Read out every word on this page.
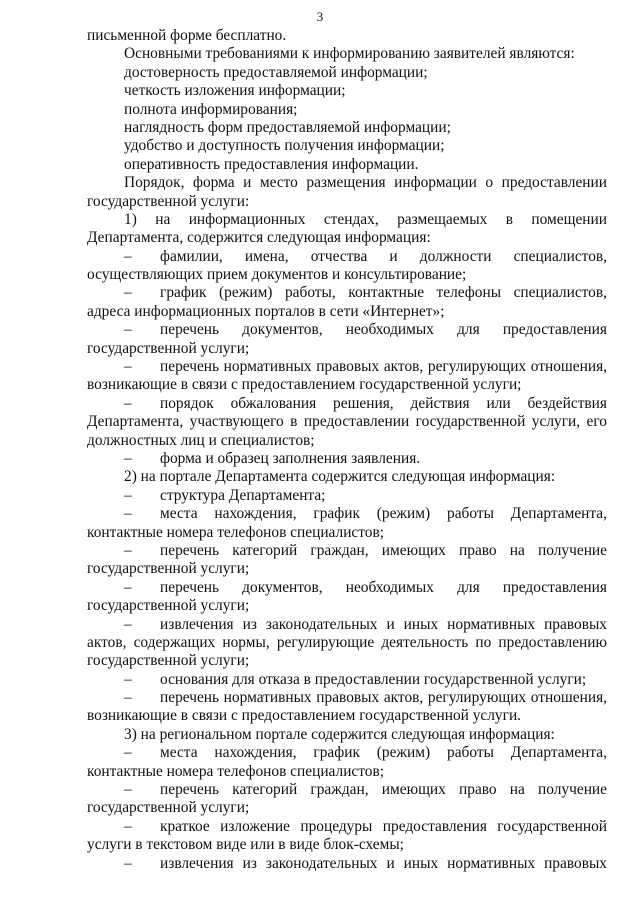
3
письменной форме бесплатно.
Основными требованиями к информированию заявителей являются:
достоверность предоставляемой информации;
четкость изложения информации;
полнота информирования;
наглядность форм предоставляемой информации;
удобство и доступность получения информации;
оперативность предоставления информации.
Порядок, форма и место размещения информации о предоставлении
государственной услуги:
1) на информационных стендах, размещаемых в помещении
Департамента, содержится следующая информация:
–	фамилии, имена, отчества и должности специалистов,
осуществляющих прием документов и консультирование;
–	график (режим) работы, контактные телефоны специалистов,
адреса информационных порталов в сети «Интернет»;
–	перечень документов, необходимых для предоставления
государственной услуги;
–	перечень нормативных правовых актов, регулирующих отношения,
возникающие в связи с предоставлением государственной услуги;
–	порядок обжалования решения, действия или бездействия
Департамента, участвующего в предоставлении государственной услуги, его
должностных лиц и специалистов;
–	форма и образец заполнения заявления.
2) на портале Департамента содержится следующая информация:
–	структура Департамента;
–	места нахождения, график (режим) работы Департамента,
контактные номера телефонов специалистов;
–	перечень категорий граждан, имеющих право на получение
государственной услуги;
–	перечень документов, необходимых для предоставления
государственной услуги;
–	извлечения из законодательных и иных нормативных правовых
актов, содержащих нормы, регулирующие деятельность по предоставлению
государственной услуги;
–	основания для отказа в предоставлении государственной услуги;
–	перечень нормативных правовых актов, регулирующих отношения,
возникающие в связи с предоставлением государственной услуги.
3) на региональном портале содержится следующая информация:
–	места нахождения, график (режим) работы Департамента,
контактные номера телефонов специалистов;
–	перечень категорий граждан, имеющих право на получение
государственной услуги;
–	краткое изложение процедуры предоставления государственной
услуги в текстовом виде или в виде блок-схемы;
–	извлечения из законодательных и иных нормативных правовых
